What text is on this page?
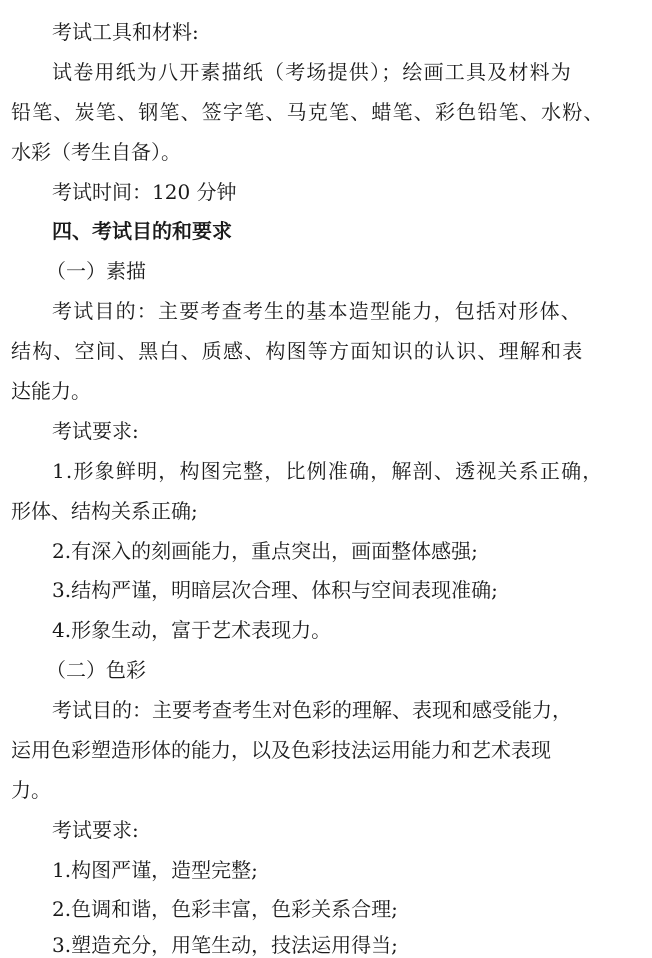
考试工具和材料:
试卷用纸为八开素描纸（考场提供）；绘画工具及材料为
铅笔、炭笔、钢笔、签字笔、马克笔、蜡笔、彩色铅笔、水粉、
水彩（考生自备）。
考试时间：120 分钟
四、考试目的和要求
（一）素描
考试目的：主要考查考生的基本造型能力，包括对形体、
结构、空间、黑白、质感、构图等方面知识的认识、理解和表
达能力。
考试要求:
1.形象鲜明，构图完整，比例准确，解剖、透视关系正确，
形体、结构关系正确;
2.有深入的刻画能力，重点突出，画面整体感强;
3.结构严谨，明暗层次合理、体积与空间表现准确;
4.形象生动，富于艺术表现力。
（二）色彩
考试目的：主要考查考生对色彩的理解、表现和感受能力，
运用色彩塑造形体的能力，以及色彩技法运用能力和艺术表现
力。
考试要求:
1.构图严谨，造型完整;
2.色调和谐，色彩丰富，色彩关系合理;
3.塑造充分，用笔生动，技法运用得当;
